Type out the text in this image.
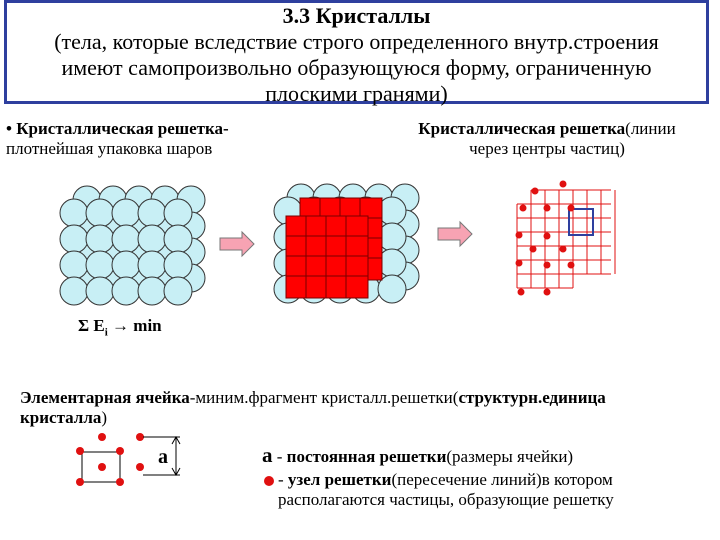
3.3 Кристаллы
(тела, которые вследствие строго определенного внутр.строения
имеют самопроизвольно образующуюся форму, ограниченную
плоскими гранями)
• Кристаллическая решетка-
плотнейшая упаковка шаров
Кристаллическая решетка(линии
через центры частиц)
Σ $E_i \to \min$
Элементарная ячейка-миним.фрагмент кристалл.решетки(структурн.единица
кристалла)
а	а - постоянная решетки(размеры ячейки)
- узел решетки(пересечение линий)в котором
располагаются частицы, образующие решетку
